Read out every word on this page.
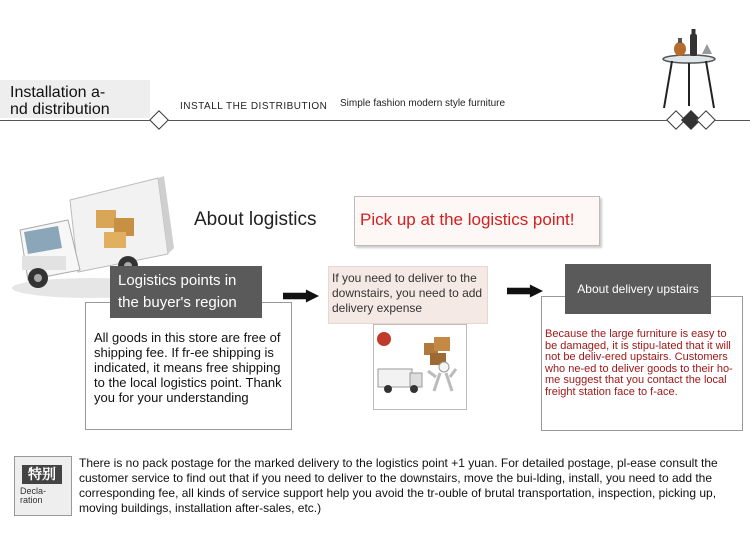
Installation a-
nd distribution	INSTALL THE DISTRIBUTION Simple fashion modern style furniture
About logistics	Pick up at the logistics point!
Logistics points in
the buyer's region
All goods in this store are free of shipping fee. If fr-ee shipping is indicated, it means free shipping to the local logistics point. Thank you for your understanding
If you need to deliver to the downstairs, you need to add delivery expense
About delivery upstairs
Because the large furniture is easy to be damaged, it is stipu-lated that it will not be deliv-ered upstairs. Customers who ne-ed to deliver goods to their ho-me suggest that you contact the local freight station face to f-ace.
特别
Decla-
ration
There is no pack postage for the marked delivery to the logistics point +1 yuan. For detailed postage, pl-ease consult the customer service to find out that if you need to deliver to the downstairs, move the bui-lding, install, you need to add the corresponding fee, all kinds of service support help you avoid the tr-ouble of brutal transportation, inspection, picking up, moving buildings, installation after-sales, etc.)
